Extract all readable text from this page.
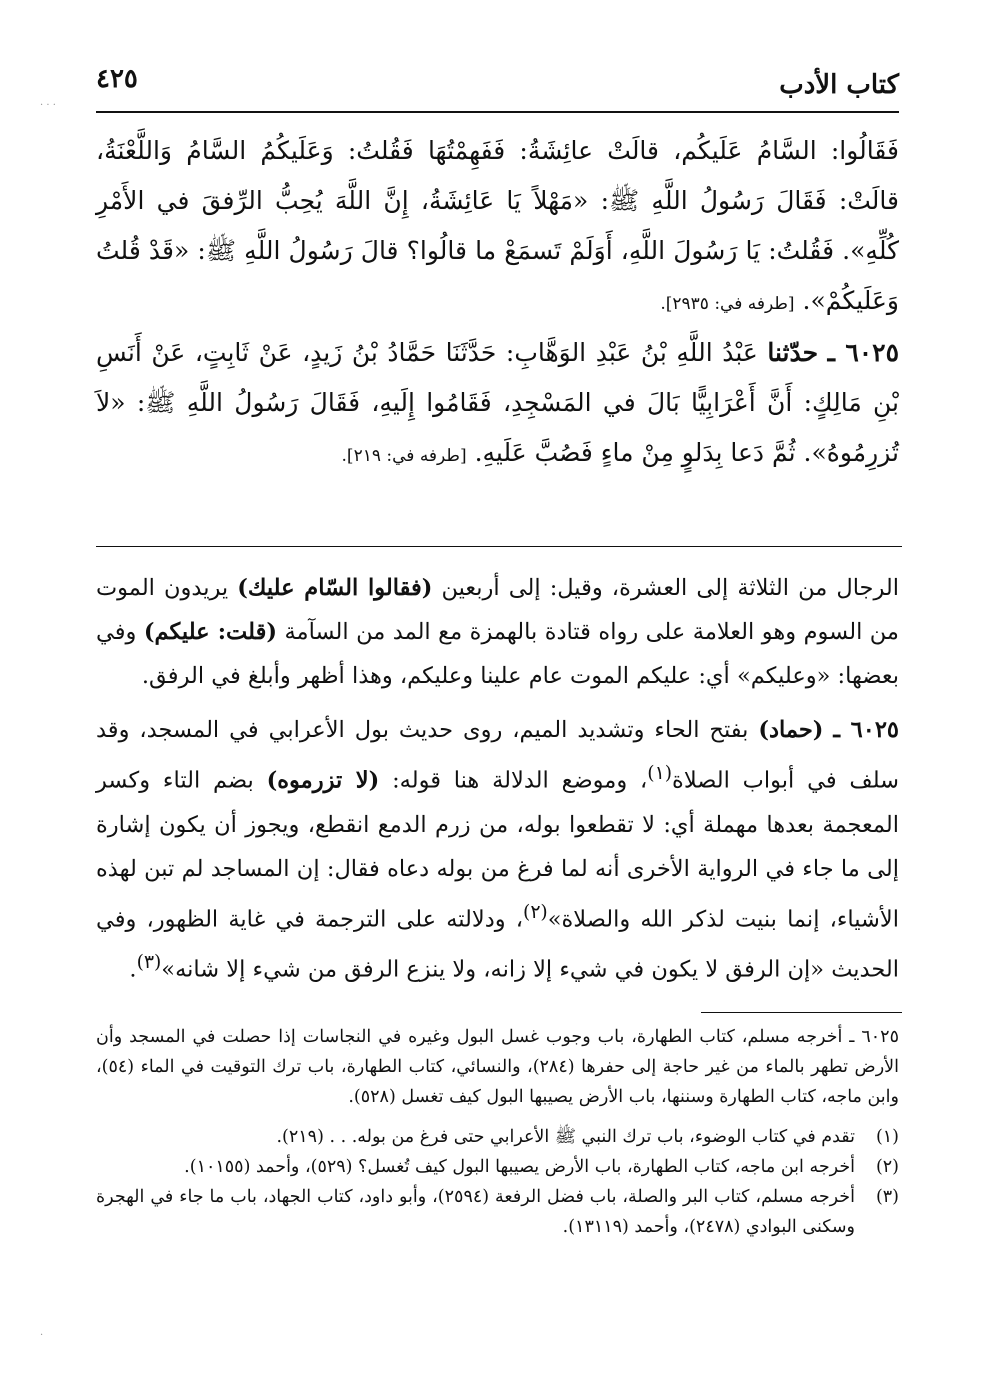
كتاب الأدب
٤٢٥
فَقَالُوا: السَّامُ عَلَيكُم، قالَتْ عائِشَةُ: فَفَهِمْتُهَا فَقُلتُ: وَعَلَيكُمُ السَّامُ وَاللَّعْنَةُ، قالَتْ: فَقَالَ رَسُولُ اللَّهِ ﷺ: «مَهْلاً يَا عَائِشَةُ، إِنَّ اللَّهَ يُحِبُّ الرِّفقَ في الأَمْرِ كُلِّهِ». فَقُلتُ: يَا رَسُولَ اللَّهِ، أَوَلَمْ تَسمَعْ ما قالُوا؟ قالَ رَسُولُ اللَّهِ ﷺ: «قَدْ قُلتُ وَعَلَيكُمْ». [طرفه في: ٢٩٣٥].
٦٠٢٥ ـ حدّثنا عَبْدُ اللَّهِ بْنُ عَبْدِ الوَهَّابِ: حَدَّثَنَا حَمَّادُ بْنُ زَيدٍ، عَنْ ثَابِتٍ، عَنْ أَنَسِ بْنِ مَالِكٍ: أَنَّ أَعْرَابِيًّا بَالَ في المَسْجِدِ، فَقَامُوا إِلَيهِ، فَقَالَ رَسُولُ اللَّهِ ﷺ: «لاَ تُزرِمُوهُ». ثُمَّ دَعا بِدَلوٍ مِنْ ماءٍ فَصُبَّ عَلَيهِ. [طرفه في: ٢١٩].
الرجال من الثلاثة إلى العشرة، وقيل: إلى أربعين (فقالوا السّام عليك) يريدون الموت من السوم وهو العلامة على رواه قتادة بالهمزة مع المد من السآمة (قلت: عليكم) وفي بعضها: «وعليكم» أي: عليكم الموت عام علينا وعليكم، وهذا أظهر وأبلغ في الرفق.
٦٠٢٥ ـ (حماد) بفتح الحاء وتشديد الميم، روى حديث بول الأعرابي في المسجد، وقد سلف في أبواب الصلاة$^{(١)}$، وموضع الدلالة هنا قوله: (لا تزرموه) بضم التاء وكسر المعجمة بعدها مهملة أي: لا تقطعوا بوله، من زرم الدمع انقطع، ويجوز أن يكون إشارة إلى ما جاء في الرواية الأخرى أنه لما فرغ من بوله دعاه فقال: إن المساجد لم تبن لهذه الأشياء، إنما بنيت لذكر الله والصلاة»$^{(٢)}$، ودلالته على الترجمة في غاية الظهور، وفي الحديث «إن الرفق لا يكون في شيء إلا زانه، ولا ينزع الرفق من شيء إلا شانه»$^{(٣)}$.
٦٠٢٥ ـ أخرجه مسلم، كتاب الطهارة، باب وجوب غسل البول وغيره في النجاسات إذا حصلت في المسجد وأن الأرض تطهر بالماء من غير حاجة إلى حفرها (٢٨٤)، والنسائي، كتاب الطهارة، باب ترك التوقيت في الماء (٥٤)، وابن ماجه، كتاب الطهارة وسننها، باب الأرض يصيبها البول كيف تغسل (٥٢٨).
(١)
تقدم في كتاب الوضوء، باب ترك النبي ﷺ الأعرابي حتى فرغ من بوله. . . (٢١٩).
(٢)
أخرجه ابن ماجه، كتاب الطهارة، باب الأرض يصيبها البول كيف تُغسل؟ (٥٢٩)، وأحمد (١٠١٥٥).
(٣)
أخرجه مسلم، كتاب البر والصلة، باب فضل الرفعة (٢٥٩٤)، وأبو داود، كتاب الجهاد، باب ما جاء في الهجرة وسكنى البوادي (٢٤٧٨)، وأحمد (١٣١١٩).
· · ·
·
